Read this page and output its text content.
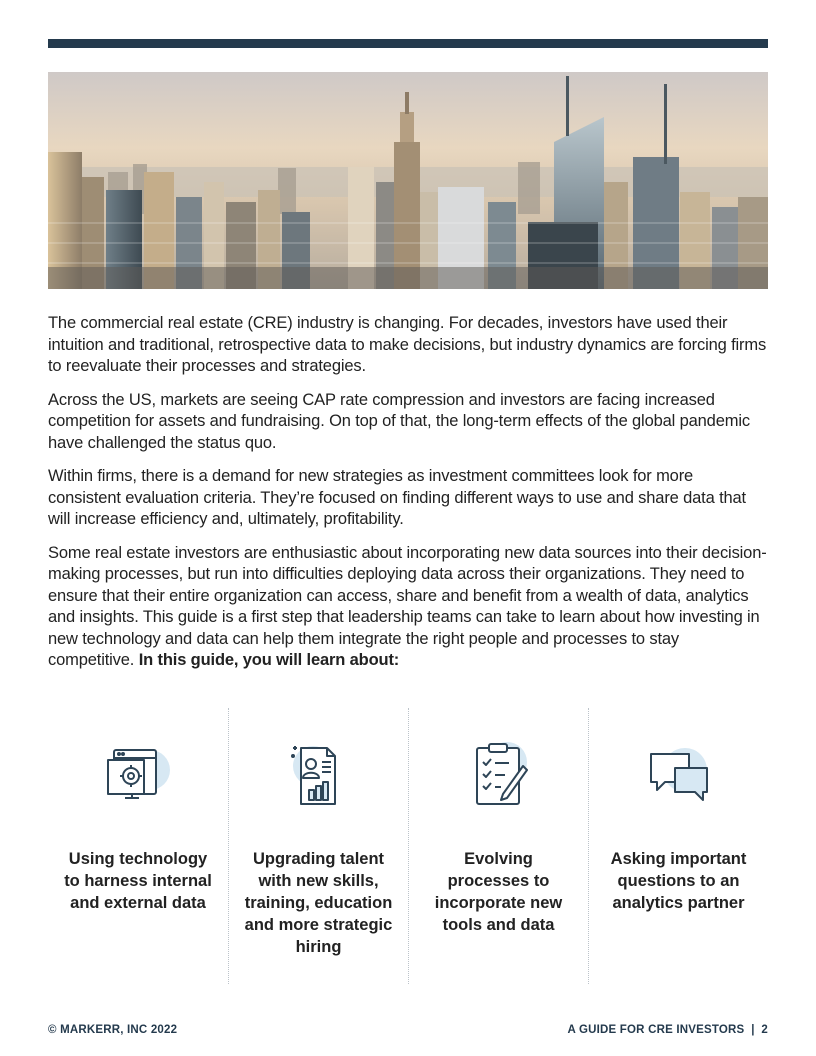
The commercial real estate (CRE) industry is changing. For decades, investors have used their intuition and traditional, retrospective data to make decisions, but industry dynamics are forcing firms to reevaluate their processes and strategies.

Across the US, markets are seeing CAP rate compression and investors are facing increased competition for assets and fundraising. On top of that, the long-term effects of the global pandemic have challenged the status quo.

Within firms, there is a demand for new strategies as investment committees look for more consistent evaluation criteria. They’re focused on finding different ways to use and share data that will increase efficiency and, ultimately, profitability.

Some real estate investors are enthusiastic about incorporating new data sources into their decision-making processes, but run into difficulties deploying data across their organizations. They need to ensure that their entire organization can access, share and benefit from a wealth of data, analytics and insights. This guide is a first step that leadership teams can take to learn about how investing in new technology and data can help them integrate the right people and processes to stay competitive. In this guide, you will learn about:

Using technology to harness internal and external data
Upgrading talent with new skills, training, education and more strategic hiring
Evolving processes to incorporate new tools and data
Asking important questions to an analytics partner
© MARKERR, INC 2022	A GUIDE FOR CRE INVESTORS  |  2
